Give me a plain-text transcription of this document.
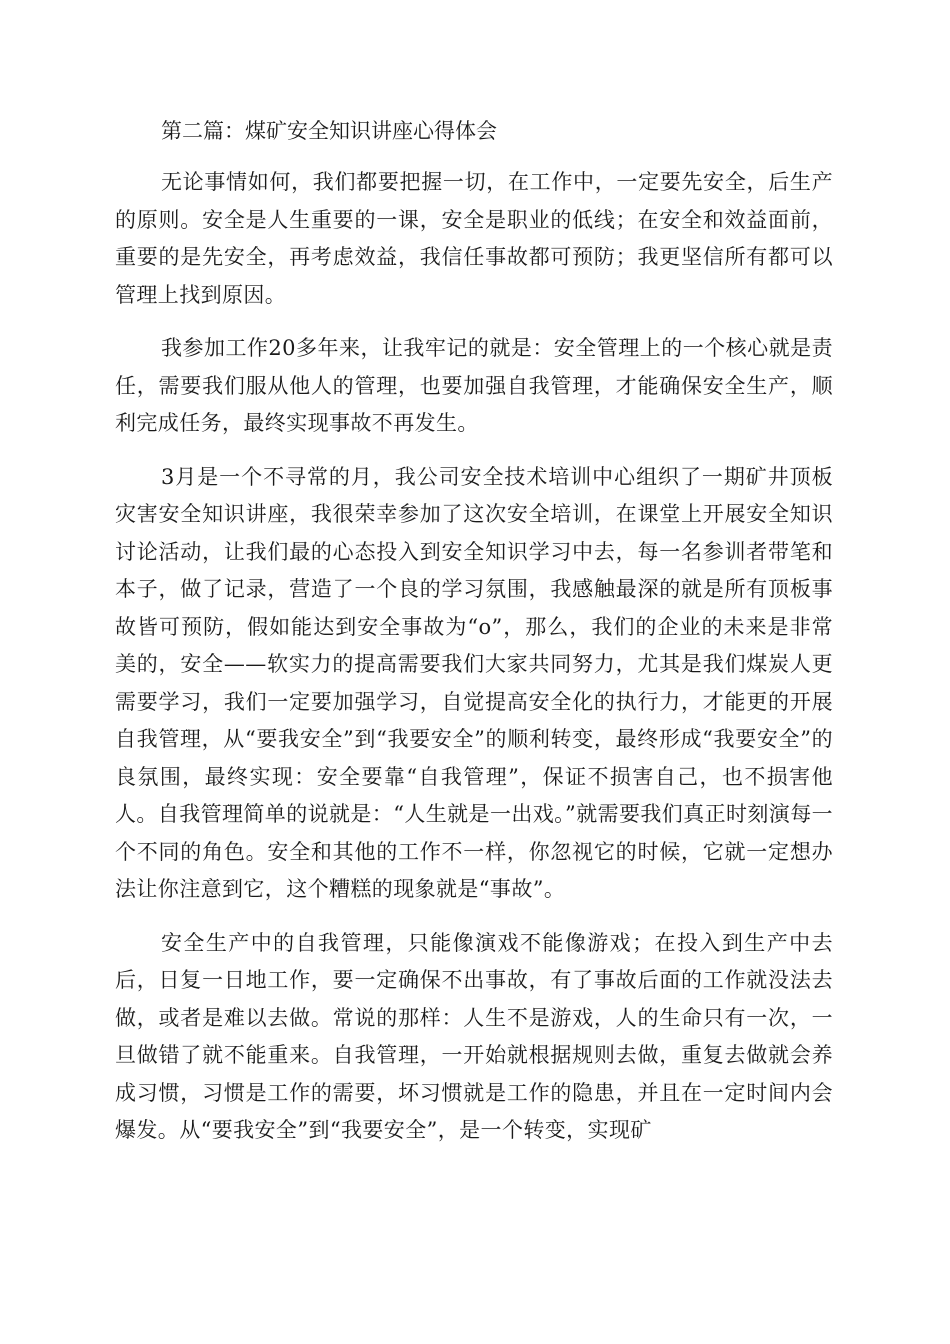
第二篇：煤矿安全知识讲座心得体会

无论事情如何，我们都要把握一切，在工作中，一定要先安全，后生产的原则。安全是人生重要的一课，安全是职业的低线；在安全和效益面前，重要的是先安全，再考虑效益，我信任事故都可预防；我更坚信所有都可以管理上找到原因。

我参加工作20多年来，让我牢记的就是：安全管理上的一个核心就是责任，需要我们服从他人的管理，也要加强自我管理，才能确保安全生产，顺利完成任务，最终实现事故不再发生。

3月是一个不寻常的月，我公司安全技术培训中心组织了一期矿井顶板灾害安全知识讲座，我很荣幸参加了这次安全培训，在课堂上开展安全知识讨论活动，让我们最的心态投入到安全知识学习中去，每一名参训者带笔和本子，做了记录，营造了一个良的学习氛围，我感触最深的就是所有顶板事故皆可预防，假如能达到安全事故为“o”，那么，我们的企业的未来是非常美的，安全——软实力的提高需要我们大家共同努力，尤其是我们煤炭人更需要学习，我们一定要加强学习，自觉提高安全化的执行力，才能更的开展自我管理，从“要我安全”到“我要安全”的顺利转变，最终形成“我要安全”的良氛围，最终实现：安全要靠“自我管理”，保证不损害自己，也不损害他人。自我管理简单的说就是：“人生就是一出戏。”就需要我们真正时刻演每一个不同的角色。安全和其他的工作不一样，你忽视它的时候，它就一定想办法让你注意到它，这个糟糕的现象就是“事故”。

安全生产中的自我管理，只能像演戏不能像游戏；在投入到生产中去后，日复一日地工作，要一定确保不出事故，有了事故后面的工作就没法去做，或者是难以去做。常说的那样：人生不是游戏，人的生命只有一次，一旦做错了就不能重来。自我管理，一开始就根据规则去做，重复去做就会养成习惯，习惯是工作的需要，坏习惯就是工作的隐患，并且在一定时间内会爆发。从“要我安全”到“我要安全”，是一个转变，实现矿
